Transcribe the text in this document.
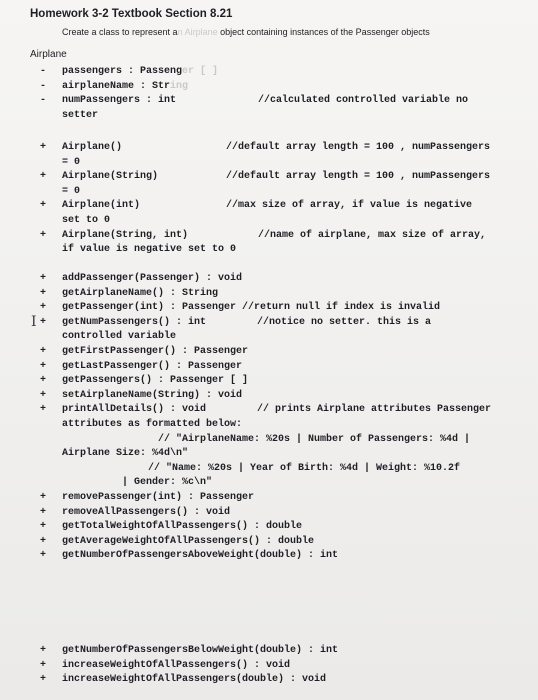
Homework 3-2 Textbook Section 8.21
Create a class to represent an Airplane object containing instances of the Passenger objects
Airplane
- passengers : Passenger [ ]
- airplaneName : String
- numPassengers : int	//calculated controlled variable no
setter
+ Airplane()	//default array length = 100 , numPassengers
= 0
+ Airplane(String)	//default array length = 100 , numPassengers
= 0
+ Airplane(int)	//max size of array, if value is negative
set to 0
+ Airplane(String, int)	//name of airplane, max size of array,
if value is negative set to 0
+ addPassenger(Passenger) : void
+ getAirplaneName() : String
+ getPassenger(int) : Passenger //return null if index is invalid
+ getNumPassengers() : int	//notice no setter. this is a
controlled variable
+ getFirstPassenger() : Passenger
+ getLastPassenger() : Passenger
+ getPassengers() : Passenger [ ]
+ setAirplaneName(String) : void
+ printAllDetails() : void	// prints Airplane attributes Passenger
attributes as formatted below:
// "AirplaneName: %20s | Number of Passengers: %4d |
Airplane Size: %4d\n"
// "Name: %20s | Year of Birth: %4d | Weight: %10.2f
| Gender: %c\n"
+ removePassenger(int) : Passenger
+ removeAllPassengers() : void
+ getTotalWeightOfAllPassengers() : double
+ getAverageWeightOfAllPassengers() : double
+ getNumberOfPassengersAboveWeight(double) : int
+ getNumberOfPassengersBelowWeight(double) : int
+ increaseWeightOfAllPassengers() : void
+ increaseWeightOfAllPassengers(double) : void
I
